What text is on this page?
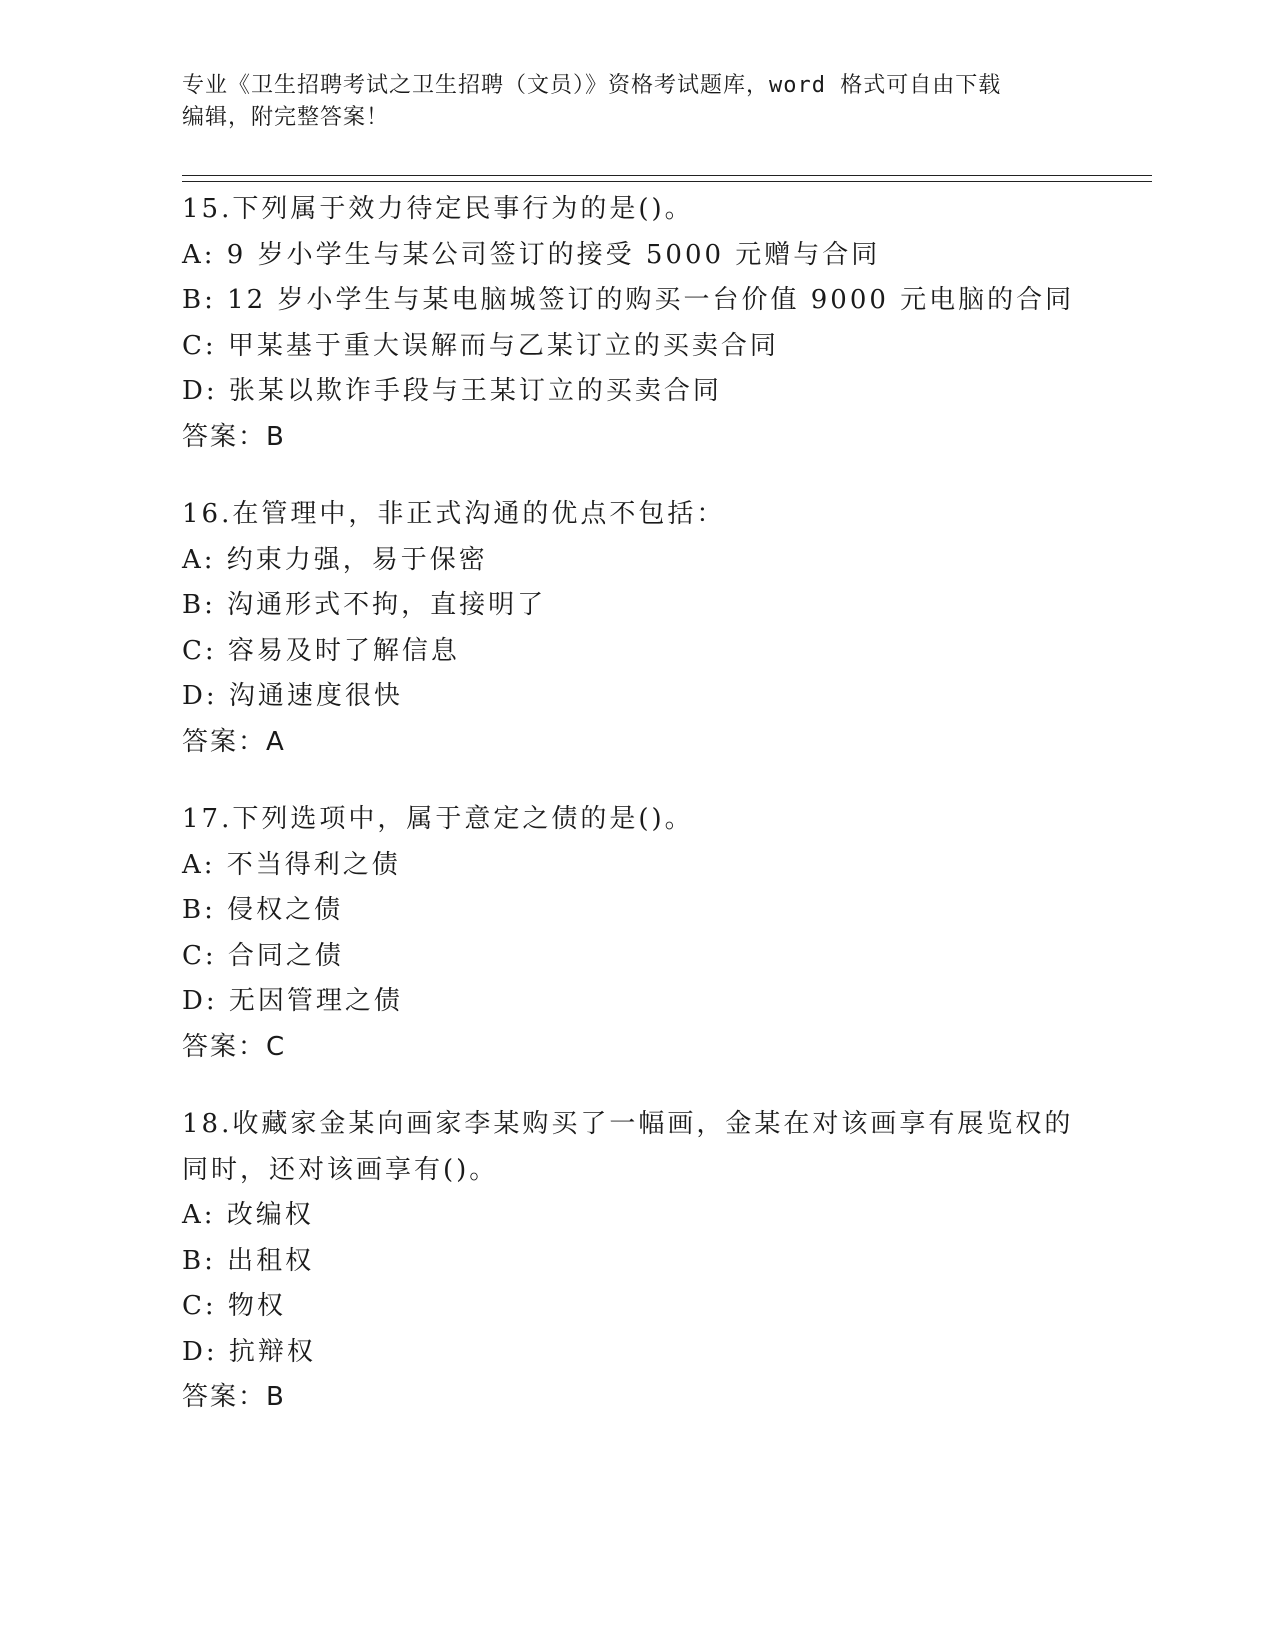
专业《卫生招聘考试之卫生招聘（文员）》资格考试题库，word 格式可自由下载
编辑，附完整答案！
15.下列属于效力待定民事行为的是()。
A: 9 岁小学生与某公司签订的接受 5000 元赠与合同
B: 12 岁小学生与某电脑城签订的购买一台价值 9000 元电脑的合同
C: 甲某基于重大误解而与乙某订立的买卖合同
D: 张某以欺诈手段与王某订立的买卖合同
答案：B
16.在管理中，非正式沟通的优点不包括：
A: 约束力强，易于保密
B: 沟通形式不拘，直接明了
C: 容易及时了解信息
D: 沟通速度很快
答案：A
17.下列选项中，属于意定之债的是()。
A: 不当得利之债
B: 侵权之债
C: 合同之债
D: 无因管理之债
答案：C
18.收藏家金某向画家李某购买了一幅画，金某在对该画享有展览权的
同时，还对该画享有()。
A: 改编权
B: 出租权
C: 物权
D: 抗辩权
答案：B
